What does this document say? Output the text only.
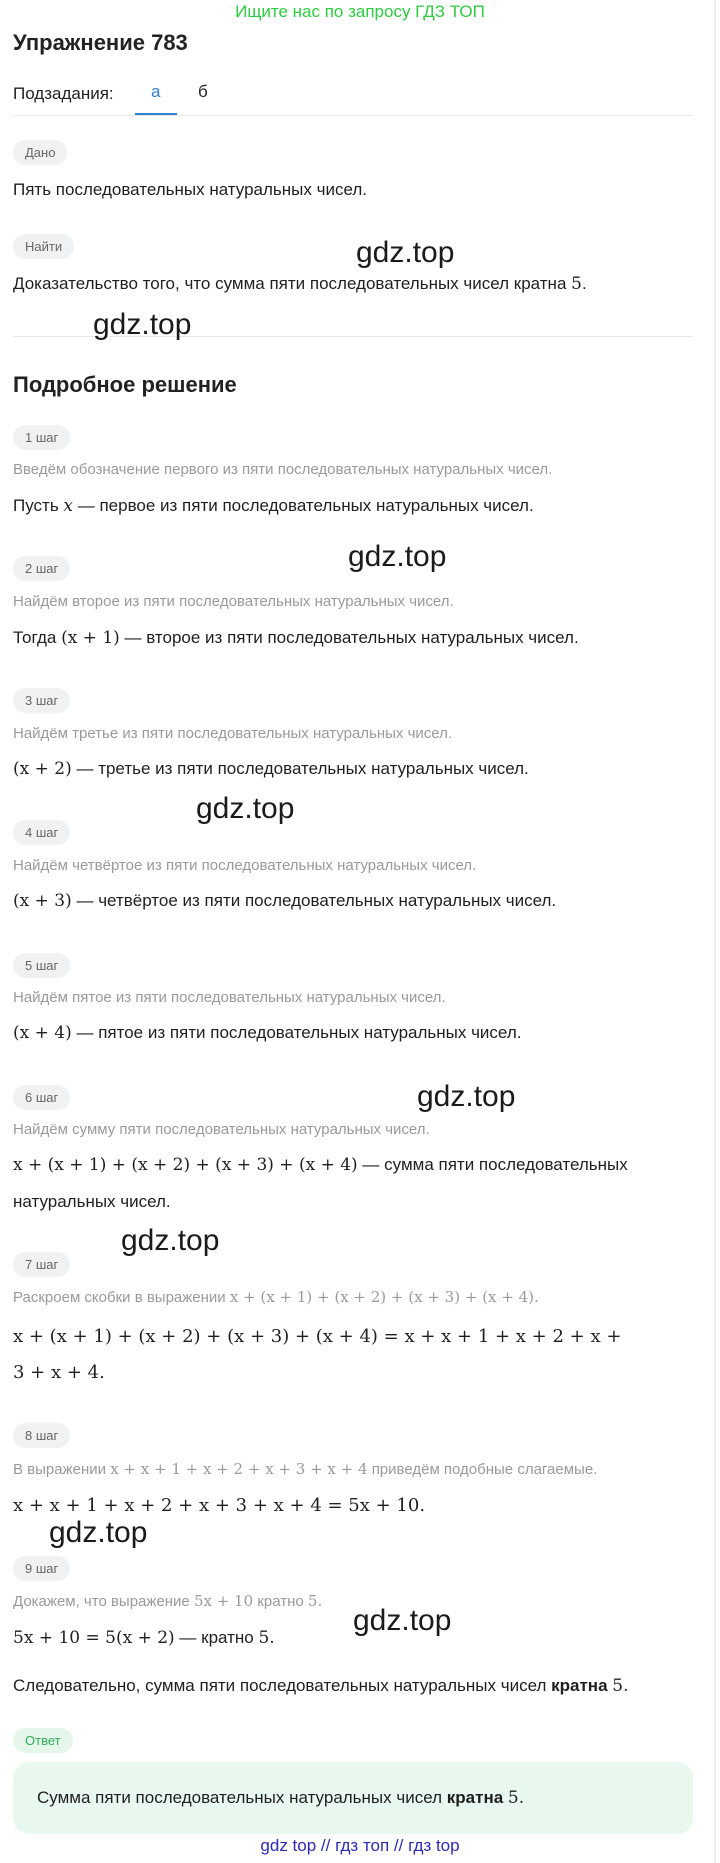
Ищите нас по запросу ГДЗ ТОП
Упражнение 783
Подзадания: а б
Дано
Пять последовательных натуральных чисел.
Найти
Доказательство того, что сумма пяти последовательных чисел кратна 5.
Подробное решение
1 шаг
Введём обозначение первого из пяти последовательных натуральных чисел.
Пусть x — первое из пяти последовательных натуральных чисел.
2 шаг
Найдём второе из пяти последовательных натуральных чисел.
Тогда (x + 1) — второе из пяти последовательных натуральных чисел.
3 шаг
Найдём третье из пяти последовательных натуральных чисел.
(x + 2) — третье из пяти последовательных натуральных чисел.
4 шаг
Найдём четвёртое из пяти последовательных натуральных чисел.
(x + 3) — четвёртое из пяти последовательных натуральных чисел.
5 шаг
Найдём пятое из пяти последовательных натуральных чисел.
(x + 4) — пятое из пяти последовательных натуральных чисел.
6 шаг
Найдём сумму пяти последовательных натуральных чисел.
x + (x + 1) + (x + 2) + (x + 3) + (x + 4) — сумма пяти последовательных
натуральных чисел.
7 шаг
Раскроем скобки в выражении x + (x + 1) + (x + 2) + (x + 3) + (x + 4).
x + (x + 1) + (x + 2) + (x + 3) + (x + 4) = x + x + 1 + x + 2 + x +
3 + x + 4.
8 шаг
В выражении x + x + 1 + x + 2 + x + 3 + x + 4 приведём подобные слагаемые.
x + x + 1 + x + 2 + x + 3 + x + 4 = 5x + 10.
9 шаг
Докажем, что выражение 5x + 10 кратно 5.
5x + 10 = 5(x + 2) — кратно 5.
Следовательно, сумма пяти последовательных натуральных чисел кратна 5.
Ответ
Сумма пяти последовательных натуральных чисел кратна 5.
gdz top // гдз топ // гдз top
gdz.top
gdz.top
gdz.top
gdz.top
gdz.top
gdz.top
gdz.top
gdz.top
